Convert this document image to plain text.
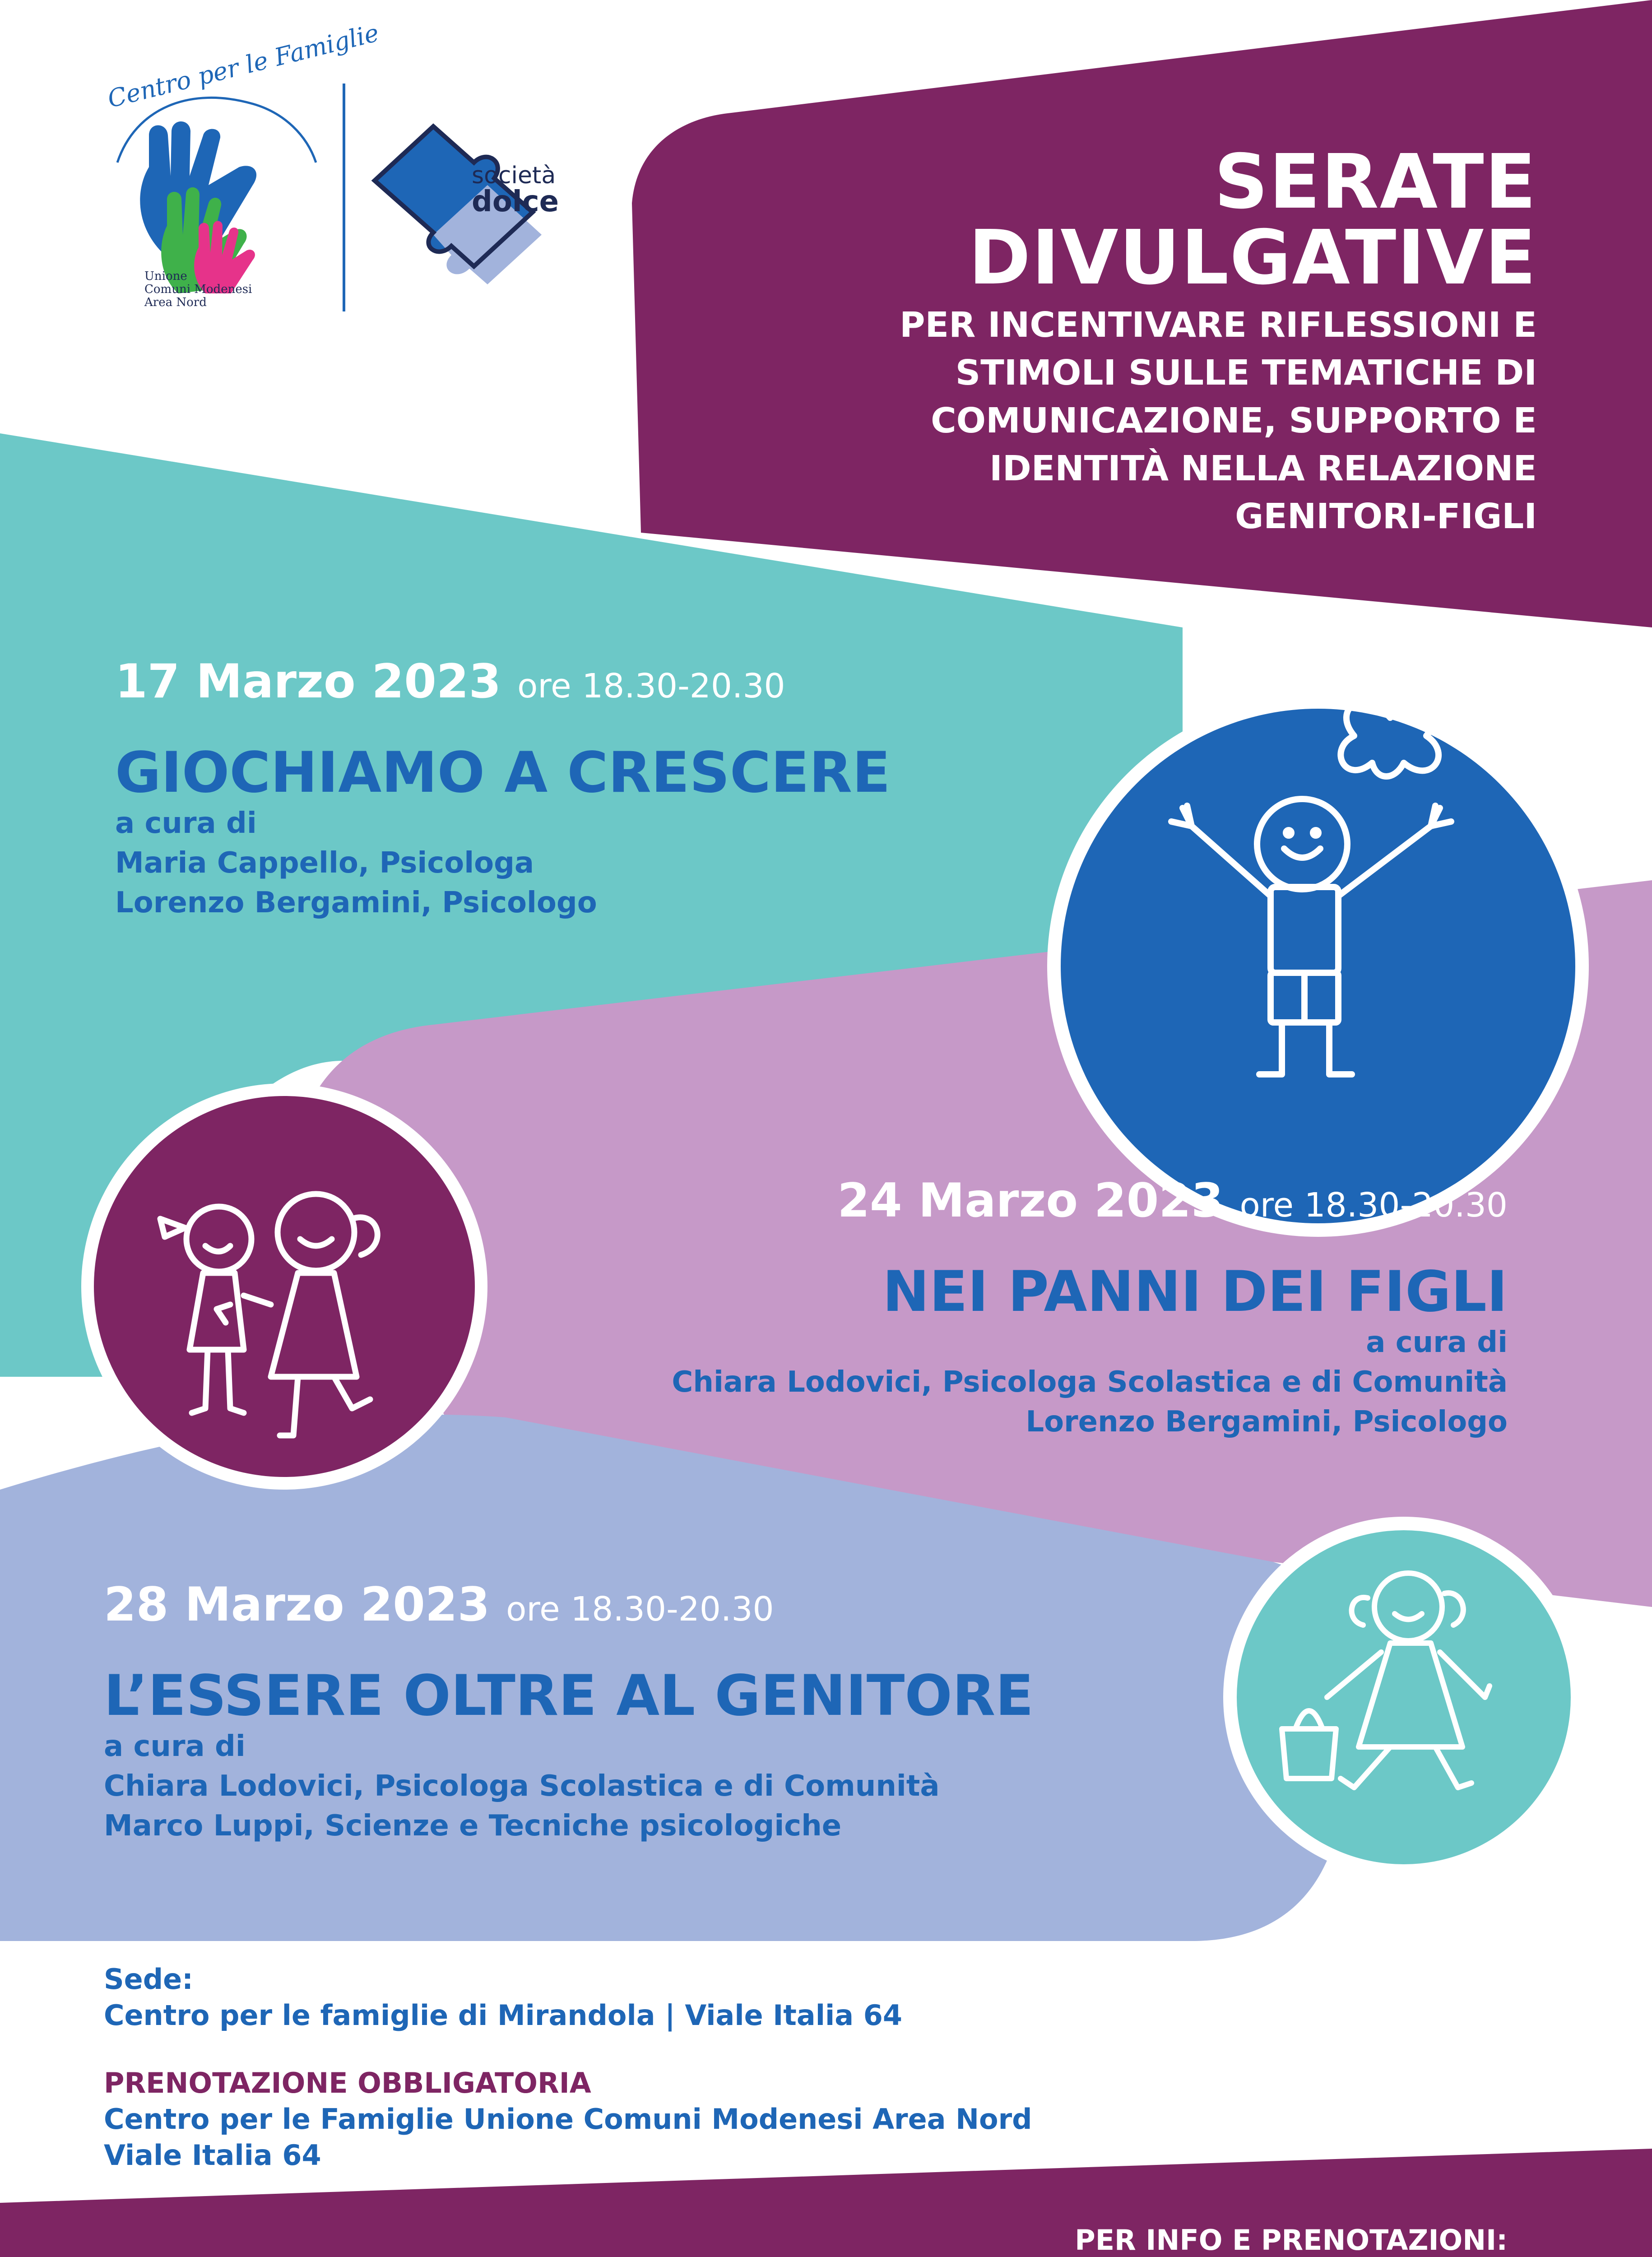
Centro per le Famiglie
Unione
Comuni Modenesi
Area Nord
società
dolce	SERATE
DIVULGATIVE
PER INCENTIVARE RIFLESSIONI E
STIMOLI SULLE TEMATICHE DI
COMUNICAZIONE, SUPPORTO E
IDENTITÀ NELLA RELAZIONE
GENITORI-FIGLI
17 Marzo 2023 ore 18.30-20.30
GIOCHIAMO A CRESCERE
a cura di
Maria Cappello, Psicologa
Lorenzo Bergamini, Psicologo
24 Marzo 2023 ore 18.30-20.30
NEI PANNI DEI FIGLI
a cura di
Chiara Lodovici, Psicologa Scolastica e di Comunità
Lorenzo Bergamini, Psicologo
28 Marzo 2023 ore 18.30-20.30
L’ESSERE OLTRE AL GENITORE
a cura di
Chiara Lodovici, Psicologa Scolastica e di Comunità
Marco Luppi, Scienze e Tecniche psicologiche
Sede:
Centro per le famiglie di Mirandola | Viale Italia 64
PRENOTAZIONE OBBLIGATORIA
Centro per le Famiglie Unione Comuni Modenesi Area Nord
Viale Italia 64
PER INFO E PRENOTAZIONI:
